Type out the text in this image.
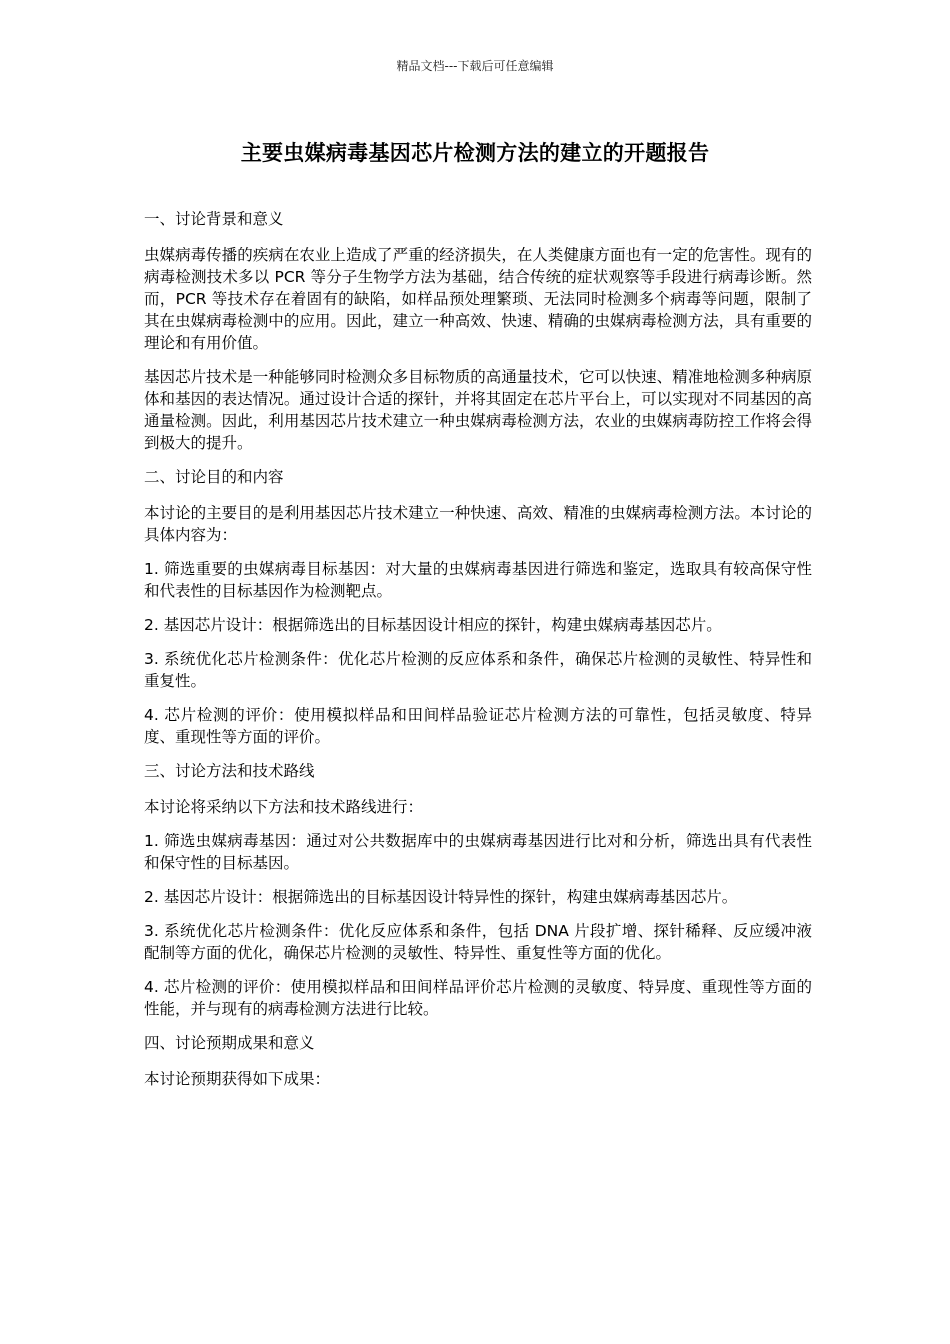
精品文档---下载后可任意编辑
主要虫媒病毒基因芯片检测方法的建立的开题报告

一、讨论背景和意义

虫媒病毒传播的疾病在农业上造成了严重的经济损失，在人类健康方面也有一定的危害性。现有的病毒检测技术多以 PCR 等分子生物学方法为基础，结合传统的症状观察等手段进行病毒诊断。然而，PCR 等技术存在着固有的缺陷，如样品预处理繁琐、无法同时检测多个病毒等问题，限制了其在虫媒病毒检测中的应用。因此，建立一种高效、快速、精确的虫媒病毒检测方法，具有重要的理论和有用价值。

基因芯片技术是一种能够同时检测众多目标物质的高通量技术，它可以快速、精准地检测多种病原体和基因的表达情况。通过设计合适的探针，并将其固定在芯片平台上，可以实现对不同基因的高通量检测。因此，利用基因芯片技术建立一种虫媒病毒检测方法，农业的虫媒病毒防控工作将会得到极大的提升。

二、讨论目的和内容

本讨论的主要目的是利用基因芯片技术建立一种快速、高效、精准的虫媒病毒检测方法。本讨论的具体内容为：

1. 筛选重要的虫媒病毒目标基因：对大量的虫媒病毒基因进行筛选和鉴定，选取具有较高保守性和代表性的目标基因作为检测靶点。

2. 基因芯片设计：根据筛选出的目标基因设计相应的探针，构建虫媒病毒基因芯片。

3. 系统优化芯片检测条件：优化芯片检测的反应体系和条件，确保芯片检测的灵敏性、特异性和重复性。

4. 芯片检测的评价：使用模拟样品和田间样品验证芯片检测方法的可靠性，包括灵敏度、特异度、重现性等方面的评价。

三、讨论方法和技术路线

本讨论将采纳以下方法和技术路线进行：

1. 筛选虫媒病毒基因：通过对公共数据库中的虫媒病毒基因进行比对和分析，筛选出具有代表性和保守性的目标基因。

2. 基因芯片设计：根据筛选出的目标基因设计特异性的探针，构建虫媒病毒基因芯片。

3. 系统优化芯片检测条件：优化反应体系和条件，包括 DNA 片段扩增、探针稀释、反应缓冲液配制等方面的优化，确保芯片检测的灵敏性、特异性、重复性等方面的优化。

4. 芯片检测的评价：使用模拟样品和田间样品评价芯片检测的灵敏度、特异度、重现性等方面的性能，并与现有的病毒检测方法进行比较。

四、讨论预期成果和意义

本讨论预期获得如下成果：
